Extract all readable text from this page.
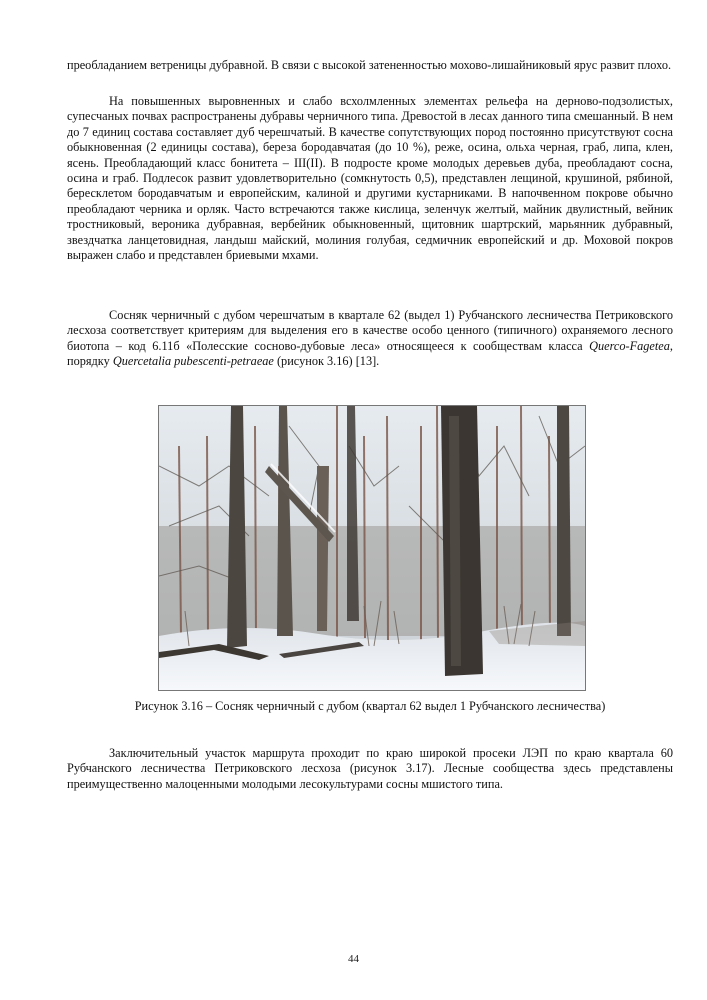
преобладанием ветреницы дубравной. В связи с высокой затененностью мохово-лишайниковый ярус развит плохо.

На повышенных выровненных и слабо всхолмленных элементах рельефа на дерново-подзолистых, супесчаных почвах распространены дубравы черничного типа. Древостой в лесах данного типа смешанный. В нем до 7 единиц состава составляет дуб черешчатый. В качестве сопутствующих пород постоянно присутствуют сосна обыкновенная (2 единицы состава), береза бородавчатая (до 10 %), реже, осина, ольха черная, граб, липа, клен, ясень. Преобладающий класс бонитета – III(II). В подросте кроме молодых деревьев дуба, преобладают сосна, осина и граб. Подлесок развит удовлетворительно (сомкнутость 0,5), представлен лещиной, крушиной, рябиной, бересклетом бородавчатым и европейским, калиной и другими кустарниками. В напочвенном покрове обычно преобладают черника и орляк. Часто встречаются также кислица, зеленчук желтый, майник двулистный, вейник тростниковый, вероника дубравная, вербейник обыкновенный, щитовник шартрский, марьянник дубравный, звездчатка ланцетовидная, ландыш майский, молиния голубая, седмичник европейский и др. Моховой покров выражен слабо и представлен бриевыми мхами.

Сосняк черничный с дубом черешчатым в квартале 62 (выдел 1) Рубчанского лесничества Петриковского лесхоза соответствует критериям для выделения его в качестве особо ценного (типичного) охраняемого лесного биотопа – код 6.11б «Полесские сосново-дубовые леса» относящееся к сообществам класса Querco-Fagetea, порядку Quercetalia pubescenti-petraeae (рисунок 3.16) [13].

Рисунок 3.16 – Сосняк черничный с дубом (квартал 62 выдел 1 Рубчанского лесничества)

Заключительный участок маршрута проходит по краю широкой просеки ЛЭП по краю квартала 60 Рубчанского лесничества Петриковского лесхоза (рисунок 3.17). Лесные сообщества здесь представлены преимущественно малоценными молодыми лесокультурами сосны мшистого типа.

44
